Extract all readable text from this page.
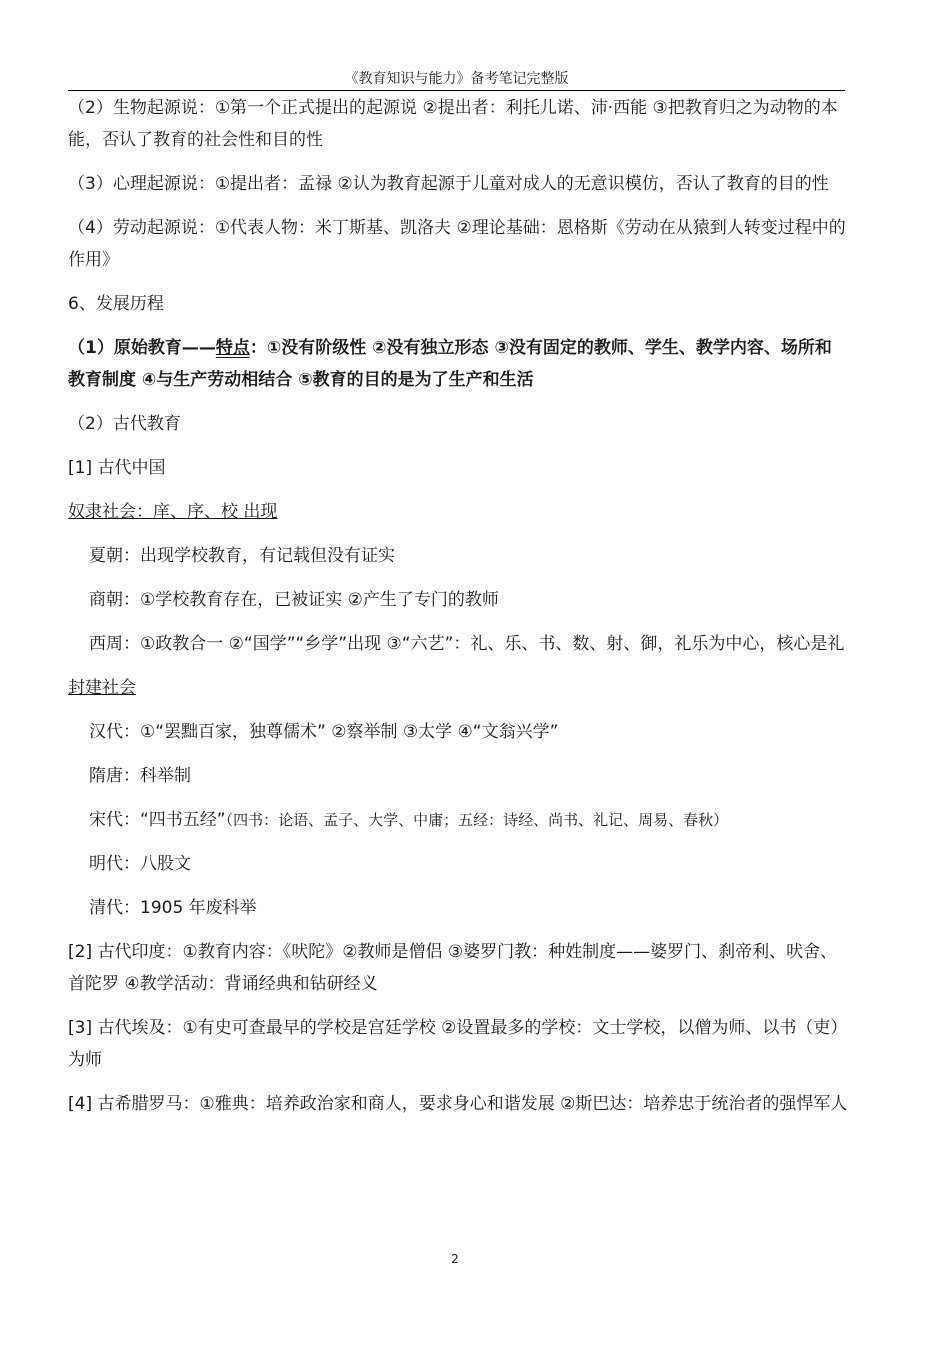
《教育知识与能力》备考笔记完整版

（2）生物起源说：①第一个正式提出的起源说 ②提出者：利托儿诺、沛·西能 ③把教育归之为动物的本能，否认了教育的社会性和目的性

（3）心理起源说：①提出者：孟禄 ②认为教育起源于儿童对成人的无意识模仿，否认了教育的目的性

（4）劳动起源说：①代表人物：米丁斯基、凯洛夫 ②理论基础：恩格斯《劳动在从猿到人转变过程中的作用》

6、发展历程

（1）原始教育——特点：①没有阶级性 ②没有独立形态 ③没有固定的教师、学生、教学内容、场所和教育制度 ④与生产劳动相结合 ⑤教育的目的是为了生产和生活

（2）古代教育

[1] 古代中国

奴隶社会：庠、序、校 出现

夏朝：出现学校教育，有记载但没有证实

商朝：①学校教育存在，已被证实 ②产生了专门的教师

西周：①政教合一 ②“国学”“乡学”出现 ③“六艺”：礼、乐、书、数、射、御，礼乐为中心，核心是礼

封建社会

汉代：①“罢黜百家，独尊儒术” ②察举制 ③太学 ④“文翁兴学”

隋唐：科举制

宋代：“四书五经”（四书：论语、孟子、大学、中庸；五经：诗经、尚书、礼记、周易、春秋）

明代：八股文

清代：1905 年废科举

[2] 古代印度：①教育内容：《吠陀》②教师是僧侣 ③婆罗门教：种姓制度——婆罗门、刹帝利、吠舍、首陀罗 ④教学活动：背诵经典和钻研经义

[3] 古代埃及：①有史可查最早的学校是宫廷学校 ②设置最多的学校：文士学校，以僧为师、以书（吏）为师

[4] 古希腊罗马：①雅典：培养政治家和商人，要求身心和谐发展 ②斯巴达：培养忠于统治者的强悍军人

2
